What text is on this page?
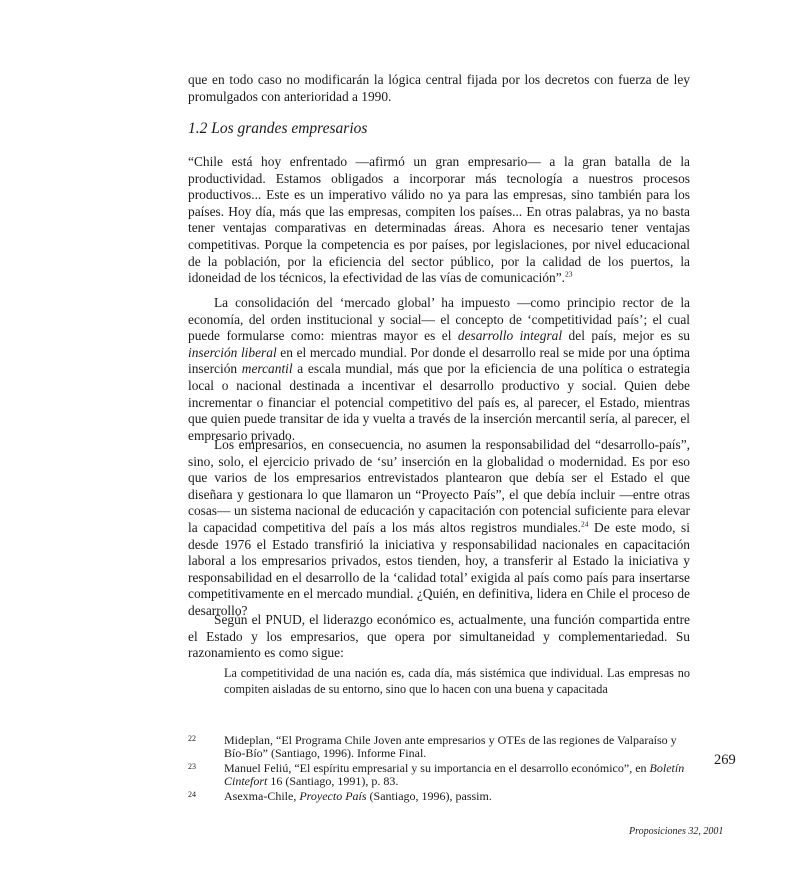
que en todo caso no modificarán la lógica central fijada por los decretos con fuerza de ley promulgados con anterioridad a 1990.

1.2 Los grandes empresarios

“Chile está hoy enfrentado —afirmó un gran empresario— a la gran batalla de la productividad. Estamos obligados a incorporar más tecnología a nuestros procesos productivos... Este es un imperativo válido no ya para las empresas, sino también para los países. Hoy día, más que las empresas, compiten los países... En otras palabras, ya no basta tener ventajas comparativas en determinadas áreas. Ahora es necesario tener ventajas competitivas. Porque la competencia es por países, por legislaciones, por nivel educacional de la población, por la eficiencia del sector público, por la calidad de los puertos, la idoneidad de los técnicos, la efectividad de las vías de comunicación”.$^{23}$

La consolidación del ‘mercado global’ ha impuesto —como principio rector de la economía, del orden institucional y social— el concepto de ‘competitividad país’; el cual puede formularse como: mientras mayor es el desarrollo integral del país, mejor es su inserción liberal en el mercado mundial. Por donde el desarrollo real se mide por una óptima inserción mercantil a escala mundial, más que por la eficiencia de una política o estrategia local o nacional destinada a incentivar el desarrollo productivo y social. Quien debe incrementar o financiar el potencial competitivo del país es, al parecer, el Estado, mientras que quien puede transitar de ida y vuelta a través de la inserción mercantil sería, al parecer, el empresario privado.

Los empresarios, en consecuencia, no asumen la responsabilidad del “desarrollo-país”, sino, solo, el ejercicio privado de ‘su’ inserción en la globalidad o modernidad. Es por eso que varios de los empresarios entrevistados plantearon que debía ser el Estado el que diseñara y gestionara lo que llamaron un “Proyecto País”, el que debía incluir —entre otras cosas— un sistema nacional de educación y capacitación con potencial suficiente para elevar la capacidad competitiva del país a los más altos registros mundiales.$^{24}$ De este modo, si desde 1976 el Estado transfirió la iniciativa y responsabilidad nacionales en capacitación laboral a los empresarios privados, estos tienden, hoy, a transferir al Estado la iniciativa y responsabilidad en el desarrollo de la ‘calidad total’ exigida al país como país para insertarse competitivamente en el mercado mundial. ¿Quién, en definitiva, lidera en Chile el proceso de desarrollo?

Según el PNUD, el liderazgo económico es, actualmente, una función compartida entre el Estado y los empresarios, que opera por simultaneidad y complementariedad. Su razonamiento es como sigue:

La competitividad de una nación es, cada día, más sistémica que individual. Las empresas no compiten aisladas de su entorno, sino que lo hacen con una buena y capacitada

22	Mideplan, “El Programa Chile Joven ante empresarios y OTEs de las regiones de Valparaíso y Bío-Bío” (Santiago, 1996). Informe Final.
23	Manuel Feliú, “El espíritu empresarial y su importancia en el desarrollo económico”, en Boletín Cintefort 16 (Santiago, 1991), p. 83.
24	Asexma-Chile, Proyecto País (Santiago, 1996), passim.

269

Proposiciones 32, 2001
